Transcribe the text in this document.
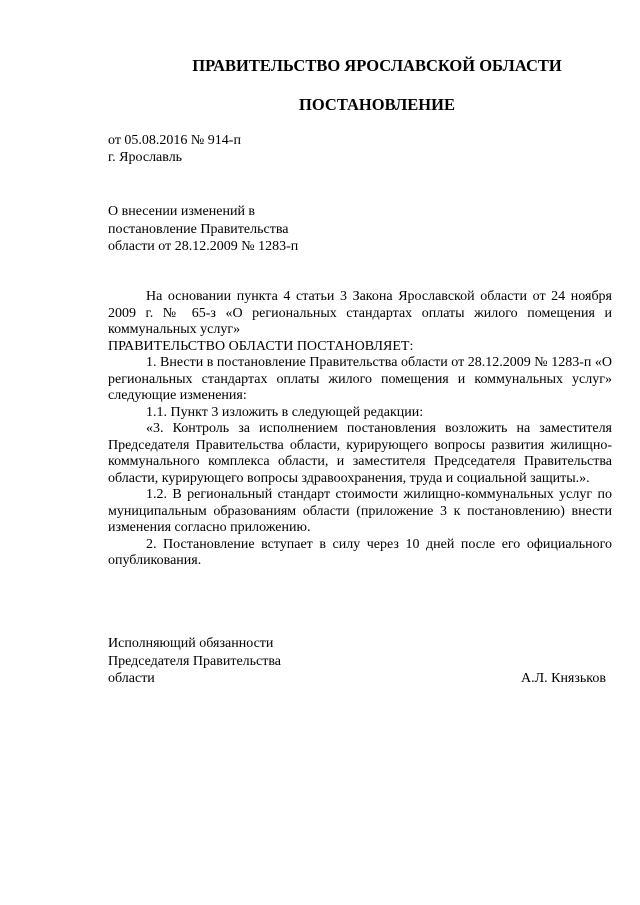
ПРАВИТЕЛЬСТВО ЯРОСЛАВСКОЙ ОБЛАСТИ
ПОСТАНОВЛЕНИЕ
от 05.08.2016 № 914-п
г. Ярославль
О внесении изменений в
постановление Правительства
области от 28.12.2009 № 1283-п

На основании пункта 4 статьи 3 Закона Ярославской области от 24 ноября 2009 г. № 65-з «О региональных стандартах оплаты жилого помещения и коммунальных услуг»

ПРАВИТЕЛЬСТВО ОБЛАСТИ ПОСТАНОВЛЯЕТ:

1. Внести в постановление Правительства области от 28.12.2009 № 1283-п «О региональных стандартах оплаты жилого помещения и коммунальных услуг» следующие изменения:

1.1. Пункт 3 изложить в следующей редакции:

«3. Контроль за исполнением постановления возложить на заместителя Председателя Правительства области, курирующего вопросы развития жилищно-коммунального комплекса области, и заместителя Председателя Правительства области, курирующего вопросы здравоохранения, труда и социальной защиты.».

1.2. В региональный стандарт стоимости жилищно-коммунальных услуг по муниципальным образованиям области (приложение 3 к постановлению) внести изменения согласно приложению.

2. Постановление вступает в силу через 10 дней после его официального опубликования.

Исполняющий обязанности
Председателя Правительства
области	А.Л. Князьков
